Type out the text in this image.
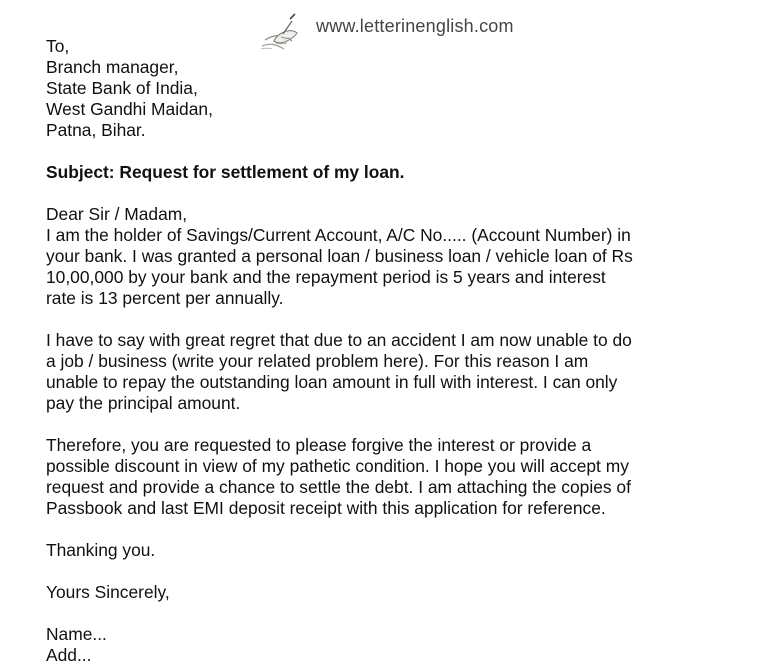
www.letterinenglish.com
To,
Branch manager,
State Bank of India,
West Gandhi Maidan,
Patna, Bihar.
Subject: Request for settlement of my loan.
Dear Sir / Madam,
I am the holder of Savings/Current Account, A/C No..... (Account Number) in
your bank. I was granted a personal loan / business loan / vehicle loan of Rs
10,00,000 by your bank and the repayment period is 5 years and interest
rate is 13 percent per annually.
I have to say with great regret that due to an accident I am now unable to do
a job / business (write your related problem here). For this reason I am
unable to repay the outstanding loan amount in full with interest. I can only
pay the principal amount.
Therefore, you are requested to please forgive the interest or provide a
possible discount in view of my pathetic condition. I hope you will accept my
request and provide a chance to settle the debt. I am attaching the copies of
Passbook and last EMI deposit receipt with this application for reference.
Thanking you.
Yours Sincerely,
Name...
Add...
